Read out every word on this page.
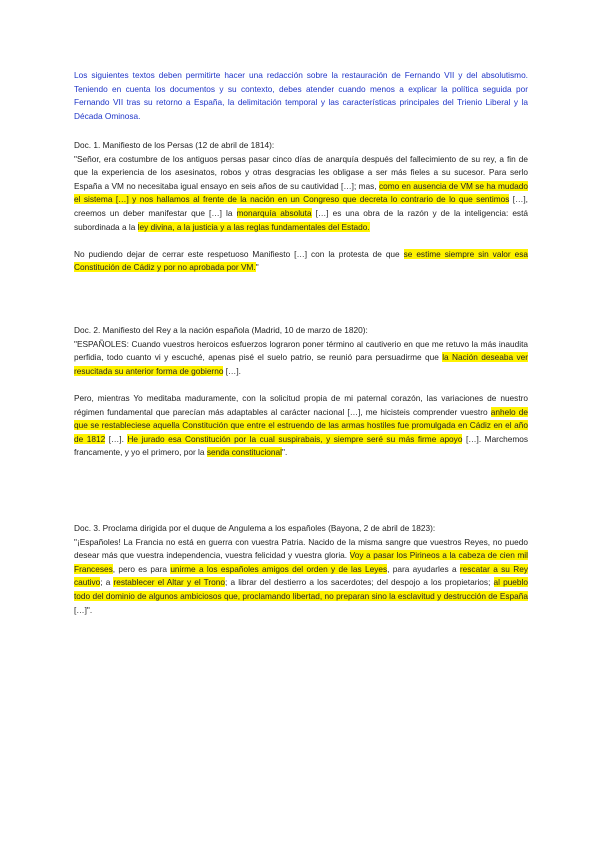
Los siguientes textos deben permitirte hacer una redacción sobre la restauración de Fernando VII y del absolutismo. Teniendo en cuenta los documentos y su contexto, debes atender cuando menos a explicar la política seguida por Fernando VII tras su retorno a España, la delimitación temporal y las características principales del Trienio Liberal y la Década Ominosa.

Doc. 1. Manifiesto de los Persas (12 de abril de 1814):

"Señor, era costumbre de los antiguos persas pasar cinco días de anarquía después del fallecimiento de su rey, a fin de que la experiencia de los asesinatos, robos y otras desgracias les obligase a ser más fieles a su sucesor. Para serlo España a VM no necesitaba igual ensayo en seis años de su cautividad […]; mas, como en ausencia de VM se ha mudado el sistema […] y nos hallamos al frente de la nación en un Congreso que decreta lo contrario de lo que sentimos […], creemos un deber manifestar que […] la monarquía absoluta […] es una obra de la razón y de la inteligencia: está subordinada a la ley divina, a la justicia y a las reglas fundamentales del Estado.

No pudiendo dejar de cerrar este respetuoso Manifiesto […] con la protesta de que se estime siempre sin valor esa Constitución de Cádiz y por no aprobada por VM."

Doc. 2. Manifiesto del Rey a la nación española (Madrid, 10 de marzo de 1820):

"ESPAÑOLES: Cuando vuestros heroicos esfuerzos lograron poner término al cautiverio en que me retuvo la más inaudita perfidia, todo cuanto vi y escuché, apenas pisé el suelo patrio, se reunió para persuadirme que la Nación deseaba ver resucitada su anterior forma de gobierno […].

Pero, mientras Yo meditaba maduramente, con la solicitud propia de mi paternal corazón, las variaciones de nuestro régimen fundamental que parecían más adaptables al carácter nacional […], me hicisteis comprender vuestro anhelo de que se restableciese aquella Constitución que entre el estruendo de las armas hostiles fue promulgada en Cádiz en el año de 1812 […]. He jurado esa Constitución por la cual suspirabais, y siempre seré su más firme apoyo […]. Marchemos francamente, y yo el primero, por la senda constitucional".

Doc. 3. Proclama dirigida por el duque de Angulema a los españoles (Bayona, 2 de abril de 1823):

"¡Españoles! La Francia no está en guerra con vuestra Patria. Nacido de la misma sangre que vuestros Reyes, no puedo desear más que vuestra independencia, vuestra felicidad y vuestra gloria. Voy a pasar los Pirineos a la cabeza de cien mil Franceses, pero es para unirme a los españoles amigos del orden y de las Leyes, para ayudarles a rescatar a su Rey cautivo; a restablecer el Altar y el Trono; a librar del destierro a los sacerdotes; del despojo a los propietarios; al pueblo todo del dominio de algunos ambiciosos que, proclamando libertad, no preparan sino la esclavitud y destrucción de España […]".
